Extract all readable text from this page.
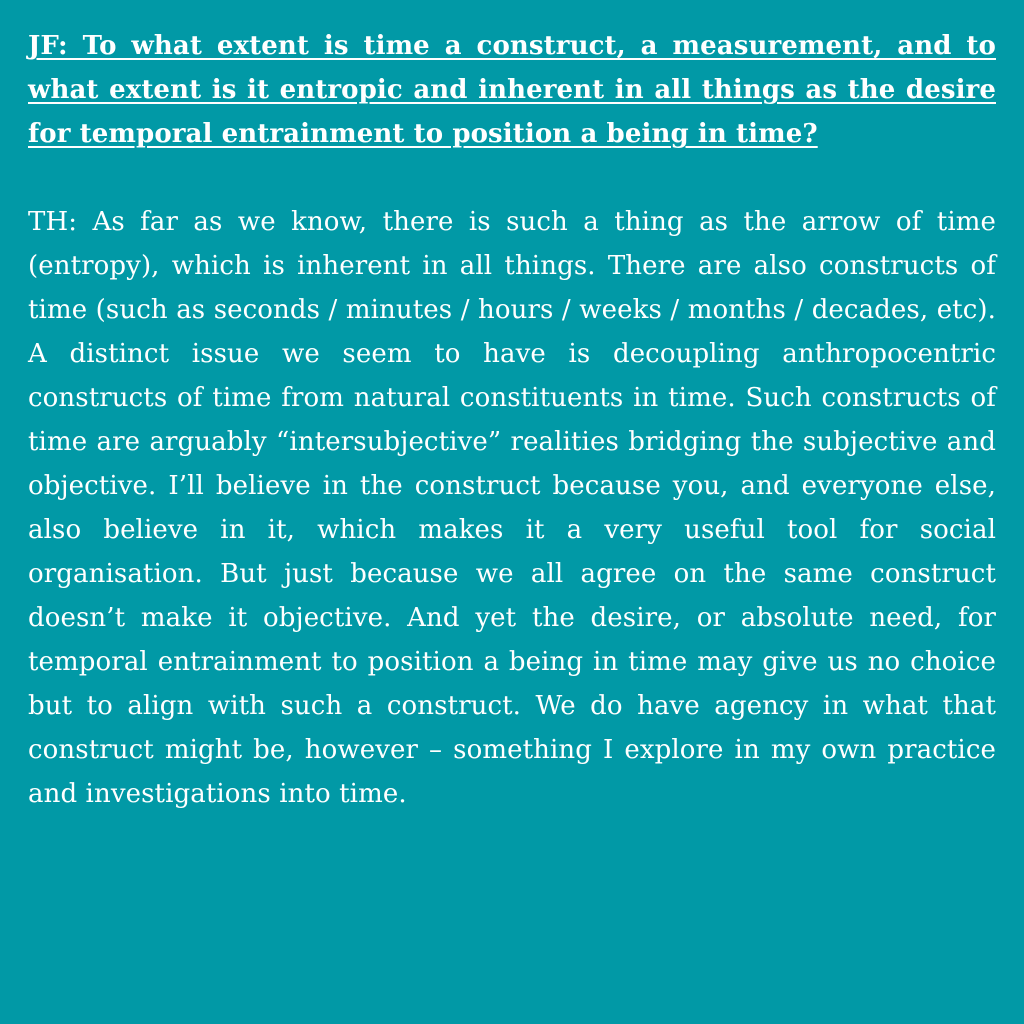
JF: To what extent is time a construct, a measurement, and to what extent is it entropic and inherent in all things as the desire for temporal entrainment to position a being in time?

TH: As far as we know, there is such a thing as the arrow of time (entropy), which is inherent in all things. There are also constructs of time (such as seconds / minutes / hours / weeks / months / decades, etc). A distinct issue we seem to have is decoupling anthropocentric constructs of time from natural constituents in time. Such constructs of time are arguably “intersubjective” realities bridging the subjective and objective. I’ll believe in the construct because you, and everyone else, also believe in it, which makes it a very useful tool for social organisation. But just because we all agree on the same construct doesn’t make it objective. And yet the desire, or absolute need, for temporal entrainment to position a being in time may give us no choice but to align with such a construct. We do have agency in what that construct might be, however – something I explore in my own practice and investigations into time.
